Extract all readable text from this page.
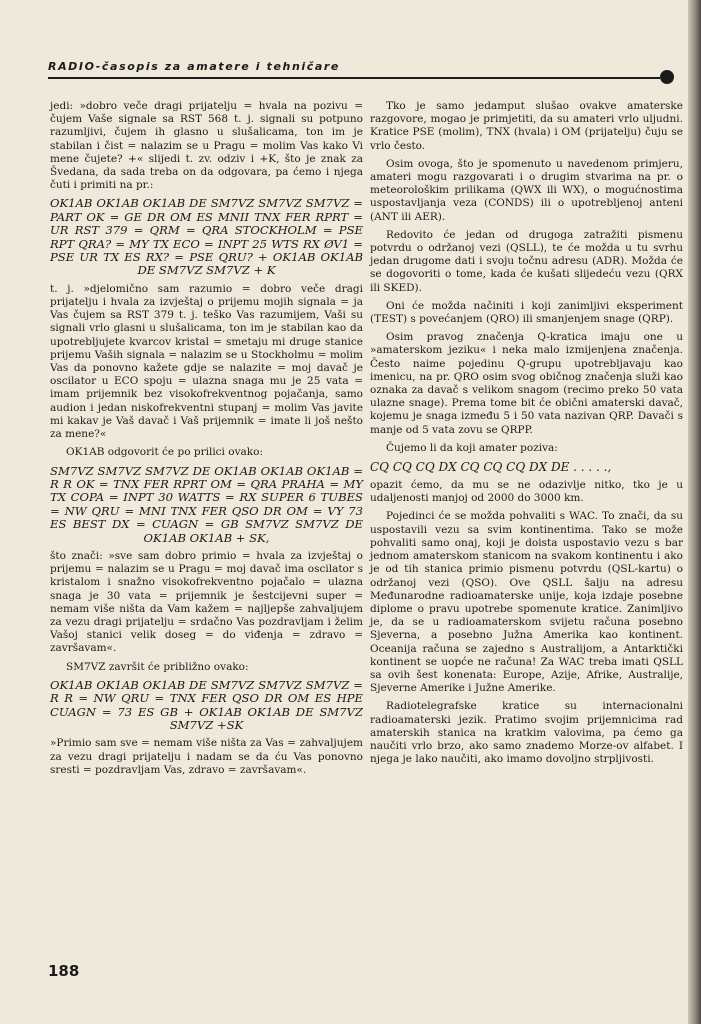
RADIO-časopis za amatere i tehničare

jedi: »dobro veče dragi prijatelju = hvala na pozivu = čujem Vaše signale sa RST 568 t. j. signali su potpuno razumljivi, čujem ih glasno u slušalicama, ton im je stabilan i čist = nalazim se u Pragu = molim Vas kako Vi mene čujete? +« slijedi t. zv. odziv i +K, što je znak za Švedana, da sada treba on da odgovara, pa ćemo i njega čuti i primiti na pr.:

OK1AB OK1AB OK1AB DE SM7VZ SM7VZ SM7VZ = PART OK = GE DR OM ES MNII TNX FER RPRT = UR RST 379 = QRM = QRA STOCKHOLM = PSE RPT QRA? = MY TX ECO = INPT 25 WTS RX ØV1 = PSE UR TX ES RX? = PSE QRU? + OK1AB OK1AB DE SM7VZ SM7VZ + K

t. j. »djelomično sam razumio = dobro veče dragi prijatelju i hvala za izvještaj o prijemu mojih signala = ja Vas čujem sa RST 379 t. j. teško Vas razumijem, Vaši su signali vrlo glasni u slušalicama, ton im je stabilan kao da upotrebljujete kvarcov kristal = smetaju mi druge stanice prijemu Vaših signala = nalazim se u Stockholmu = molim Vas da ponovno kažete gdje se nalazite = moj davač je oscilator u ECO spoju = ulazna snaga mu je 25 vata = imam prijemnik bez visokofrekventnog pojačanja, samo audion i jedan niskofrekventni stupanj = molim Vas javite mi kakav je Vaš davač i Vaš prijemnik = imate li još nešto za mene?«

OK1AB odgovorit će po prilici ovako:

SM7VZ SM7VZ SM7VZ DE OK1AB OK1AB OK1AB = R R OK = TNX FER RPRT OM = QRA PRAHA = MY TX COPA = INPT 30 WATTS = RX SUPER 6 TUBES = NW QRU = MNI TNX FER QSO DR OM = VY 73 ES BEST DX = CUAGN = GB SM7VZ SM7VZ DE OK1AB OK1AB + SK,

što znači: »sve sam dobro primio = hvala za izvještaj o prijemu = nalazim se u Pragu = moj davač ima oscilator s kristalom i snažno visokofrekventno pojačalo = ulazna snaga je 30 vata = prijemnik je šestcijevni super = nemam više ništa da Vam kažem = najljepše zahvaljujem za vezu dragi prijatelju = srdačno Vas pozdravljam i želim Vašoj stanici velik doseg = do viđenja = zdravo = završavam«.

SM7VZ završit će približno ovako:

OK1AB OK1AB OK1AB DE SM7VZ SM7VZ SM7VZ = R R = NW QRU = TNX FER QSO DR OM ES HPE CUAGN = 73 ES GB + OK1AB OK1AB DE SM7VZ SM7VZ +SK

»Primio sam sve = nemam više ništa za Vas = zahvaljujem za vezu dragi prijatelju i nadam se da ću Vas ponovno sresti = pozdravljam Vas, zdravo = završavam«.

Tko je samo jedamput slušao ovakve amaterske razgovore, mogao je primjetiti, da su amateri vrlo uljudni. Kratice PSE (molim), TNX (hvala) i OM (prijatelju) čuju se vrlo često.

Osim ovoga, što je spomenuto u navedenom primjeru, amateri mogu razgovarati i o drugim stvarima na pr. o meteorološkim prilikama (QWX ili WX), o mogućnostima uspostavljanja veza (CONDS) ili o upotrebljenoj anteni (ANT ili AER).

Redovito će jedan od drugoga zatražiti pismenu potvrdu o održanoj vezi (QSLL), te će možda u tu svrhu jedan drugome dati i svoju točnu adresu (ADR). Možda će se dogovoriti o tome, kada će kušati slijedeću vezu (QRX ili SKED).

Oni će možda načiniti i koji zanimljivi eksperiment (TEST) s povećanjem (QRO) ili smanjenjem snage (QRP).

Osim pravog značenja Q-kratica imaju one u »amaterskom jeziku« i neka malo izmijenjena značenja. Često naime pojedinu Q-grupu upotrebljavaju kao imenicu, na pr. QRO osim svog običnog značenja služi kao oznaka za davač s velikom snagom (recimo preko 50 vata ulazne snage). Prema tome bit će obični amaterski davač, kojemu je snaga između 5 i 50 vata nazivan QRP. Davači s manje od 5 vata zovu se QRPP.

Čujemo li da koji amater poziva:

CQ CQ CQ DX CQ CQ CQ DX DE . . . . .,

opazit ćemo, da mu se ne odazivlje nitko, tko je u udaljenosti manjoj od 2000 do 3000 km.

Pojedinci će se možda pohvaliti s WAC. To znači, da su uspostavili vezu sa svim kontinentima. Tako se može pohvaliti samo onaj, koji je doista uspostavio vezu s bar jednom amaterskom stanicom na svakom kontinentu i ako je od tih stanica primio pismenu potvrdu (QSL-kartu) o održanoj vezi (QSO). Ove QSLL šalju na adresu Međunarodne radioamaterske unije, koja izdaje posebne diplome o pravu upotrebe spomenute kratice. Zanimljivo je, da se u radioamaterskom svijetu računa posebno Sjeverna, a posebno Južna Amerika kao kontinent. Oceanija računa se zajedno s Australijom, a Antarktički kontinent se uopće ne računa! Za WAC treba imati QSLL sa ovih šest konenata: Europe, Azije, Afrike, Australije, Sjeverne Amerike i Južne Amerike.

Radiotelegrafske kratice su internacionalni radioamaterski jezik. Pratimo svojim prijemnicima rad amaterskih stanica na kratkim valovima, pa ćemo ga naučiti vrlo brzo, ako samo znademo Morze-ov alfabet. I njega je lako naučiti, ako imamo dovoljno strpljivosti.

188
